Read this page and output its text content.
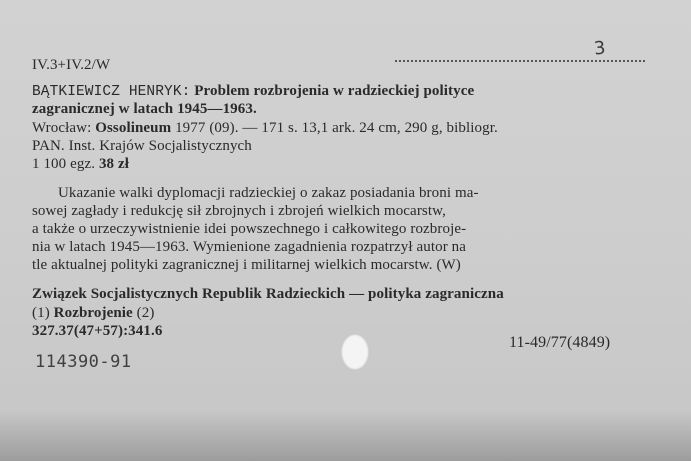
IV.3+IV.2/W
3
BĄTKIEWICZ HENRYK: Problem rozbrojenia w radzieckiej polityce
zagranicznej w latach 1945—1963.
Wrocław: Ossolineum 1977 (09). — 171 s. 13,1 ark. 24 cm, 290 g, bibliogr.
PAN. Inst. Krajów Socjalistycznych
1 100 egz. 38 zł
Ukazanie walki dyplomacji radzieckiej o zakaz posiadania broni ma-
sowej zagłady i redukcję sił zbrojnych i zbrojeń wielkich mocarstw,
a także o urzeczywistnienie idei powszechnego i całkowitego rozbroje-
nia w latach 1945—1963. Wymienione zagadnienia rozpatrzył autor na
tle aktualnej polityki zagranicznej i militarnej wielkich mocarstw. (W)
Związek Socjalistycznych Republik Radzieckich — polityka zagraniczna
(1) Rozbrojenie (2)
327.37(47+57):341.6
114390-91
11-49/77(4849)
